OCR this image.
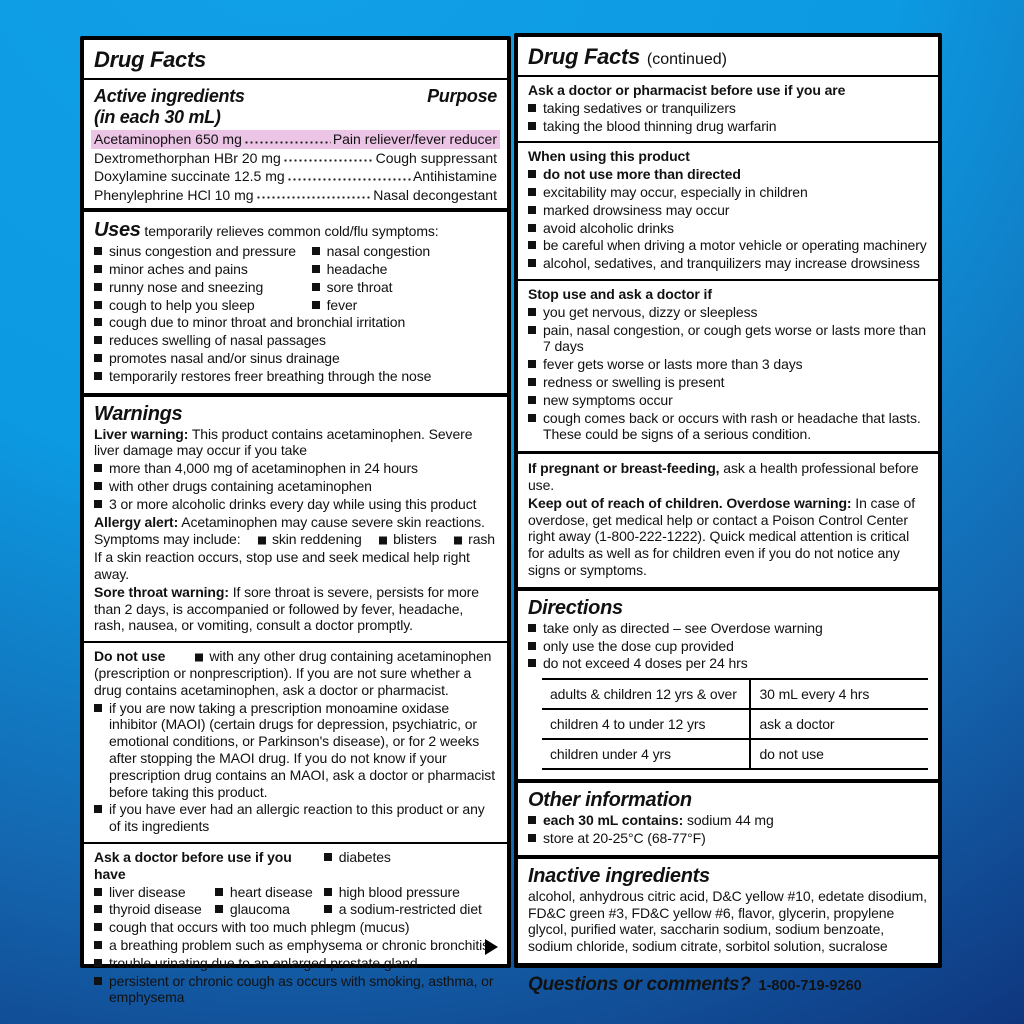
Drug Facts
Active ingredients
(in each 30 mL)
Purpose
Acetaminophen 650 mg	Pain reliever/fever reducer
Dextromethorphan HBr 20 mg	Cough suppressant
Doxylamine succinate 12.5 mg	Antihistamine
Phenylephrine HCl 10 mg	Nasal decongestant
Uses temporarily relieves common cold/flu symptoms:
sinus congestion and pressure	nasal congestion
minor aches and pains	headache
runny nose and sneezing	sore throat
cough to help you sleep	fever
cough due to minor throat and bronchial irritation
reduces swelling of nasal passages
promotes nasal and/or sinus drainage
temporarily restores freer breathing through the nose
Warnings
Liver warning: This product contains acetaminophen. Severe liver damage may occur if you take
more than 4,000 mg of acetaminophen in 24 hours
with other drugs containing acetaminophen
3 or more alcoholic drinks every day while using this product
Allergy alert: Acetaminophen may cause severe skin reactions.
Symptoms may include:	skin reddening	blisters	rash
If a skin reaction occurs, stop use and seek medical help right away.
Sore throat warning: If sore throat is severe, persists for more than 2 days, is accompanied or followed by fever, headache, rash, nausea, or vomiting, consult a doctor promptly.
Do not use	with any other drug containing acetaminophen (prescription or nonprescription). If you are not sure whether a drug contains acetaminophen, ask a doctor or pharmacist.
if you are now taking a prescription monoamine oxidase inhibitor (MAOI) (certain drugs for depression, psychiatric, or emotional conditions, or Parkinson's disease), or for 2 weeks after stopping the MAOI drug. If you do not know if your prescription drug contains an MAOI, ask a doctor or pharmacist before taking this product.
if you have ever had an allergic reaction to this product or any of its ingredients
Ask a doctor before use if you have
diabetes
liver disease	heart disease	high blood pressure
thyroid disease	glaucoma	a sodium-restricted diet
cough that occurs with too much phlegm (mucus)
a breathing problem such as emphysema or chronic bronchitis
trouble urinating due to an enlarged prostate gland
persistent or chronic cough as occurs with smoking, asthma, or emphysema
Drug Facts (continued)
Ask a doctor or pharmacist before use if you are
taking sedatives or tranquilizers
taking the blood thinning drug warfarin
When using this product
do not use more than directed
excitability may occur, especially in children
marked drowsiness may occur
avoid alcoholic drinks
be careful when driving a motor vehicle or operating machinery
alcohol, sedatives, and tranquilizers may increase drowsiness
Stop use and ask a doctor if
you get nervous, dizzy or sleepless
pain, nasal congestion, or cough gets worse or lasts more than 7 days
fever gets worse or lasts more than 3 days
redness or swelling is present
new symptoms occur
cough comes back or occurs with rash or headache that lasts. These could be signs of a serious condition.
If pregnant or breast-feeding, ask a health professional before use.
Keep out of reach of children. Overdose warning: In case of overdose, get medical help or contact a Poison Control Center right away (1-800-222-1222). Quick medical attention is critical for adults as well as for children even if you do not notice any signs or symptoms.
Directions
take only as directed – see Overdose warning
only use the dose cup provided
do not exceed 4 doses per 24 hrs
adults & children 12 yrs & over	30 mL every 4 hrs
children 4 to under 12 yrs	ask a doctor
children under 4 yrs	do not use
Other information
each 30 mL contains: sodium 44 mg
store at 20-25°C (68-77°F)
Inactive ingredients
alcohol, anhydrous citric acid, D&C yellow #10, edetate disodium, FD&C green #3, FD&C yellow #6, flavor, glycerin, propylene glycol, purified water, saccharin sodium, sodium benzoate, sodium chloride, sodium citrate, sorbitol solution, sucralose
Questions or comments? 1-800-719-9260
